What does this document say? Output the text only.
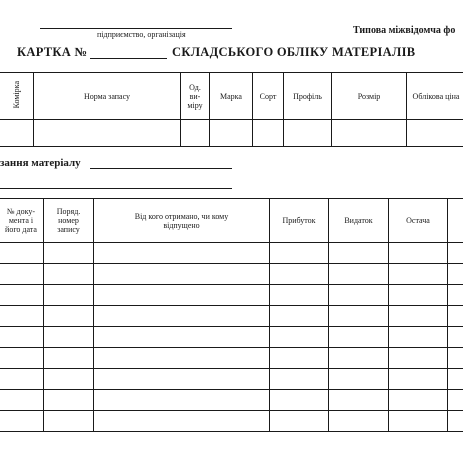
підприємство, організація	Типова міжвідомча фо
КАРТКА №	СКЛАДСЬКОГО ОБЛІКУ МАТЕРІАЛІВ
Комірка	Норма запасу	Од. ви- міру	Марка	Сорт	Профіль	Розмір	Облікова ціна

зання матеріалу
№ доку- мента і його дата	Поряд. номер запису	Від кого отримано, чи кому відпущено	Прибуток	Видаток	Остача	
